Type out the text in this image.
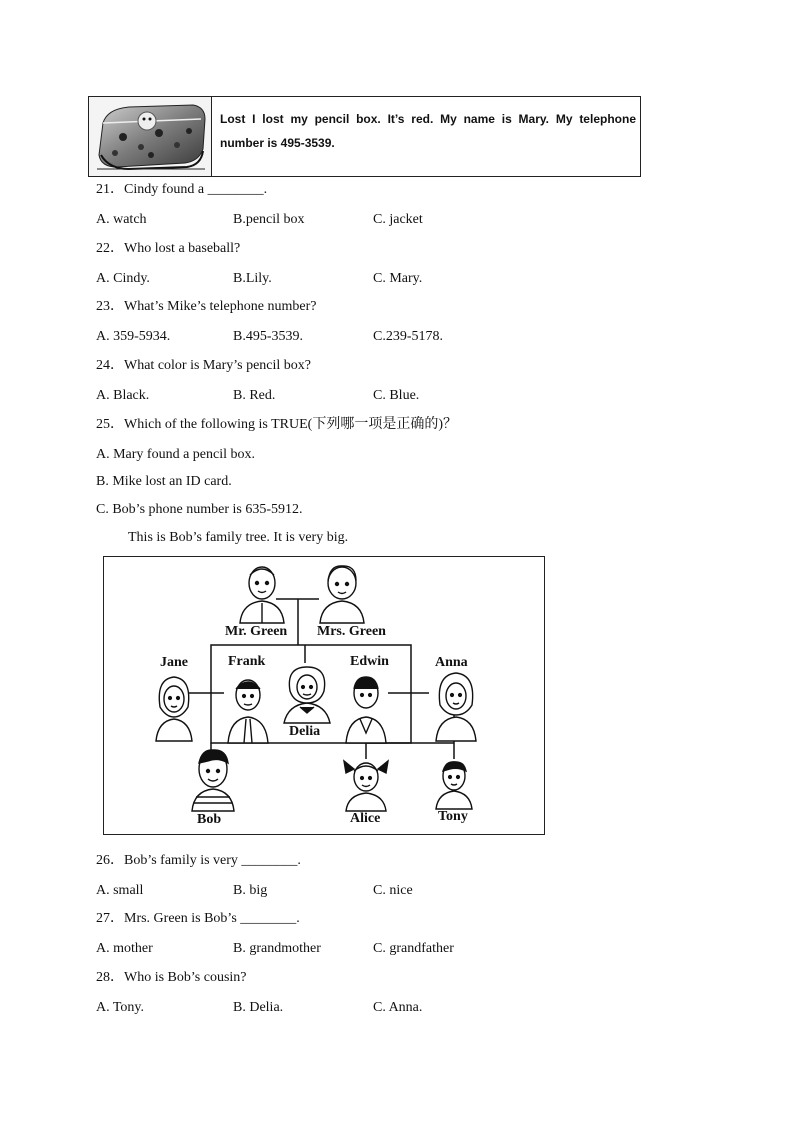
Lost I lost my pencil box. It’s red. My name is Mary. My telephone number is 495-3539.
21．Cindy found a ________.
A. watch	B.pencil box	C. jacket
22．Who lost a baseball?
A. Cindy.	B.Lily.	C. Mary.
23．What’s Mike’s telephone number?
A. 359-5934.	B.495-3539.	C.239-5178.
24．What color is Mary’s pencil box?
A. Black.	B. Red.	C. Blue.
25．Which of the following is TRUE(下列哪一项是正确的)？
A. Mary found a pencil box.
B. Mike lost an ID card.
C. Bob’s phone number is 635-5912.
This is Bob’s family tree. It is very big.
Mr. Green Mrs. Green
Jane	Frank	Edwin	Anna
Delia
Bob	Alice	Tony
26．Bob’s family is very ________.
A. small	B. big	C. nice
27．Mrs. Green is Bob’s ________.
A. mother	B. grandmother	C. grandfather
28．Who is Bob’s cousin?
A. Tony.	B. Delia.	C. Anna.
